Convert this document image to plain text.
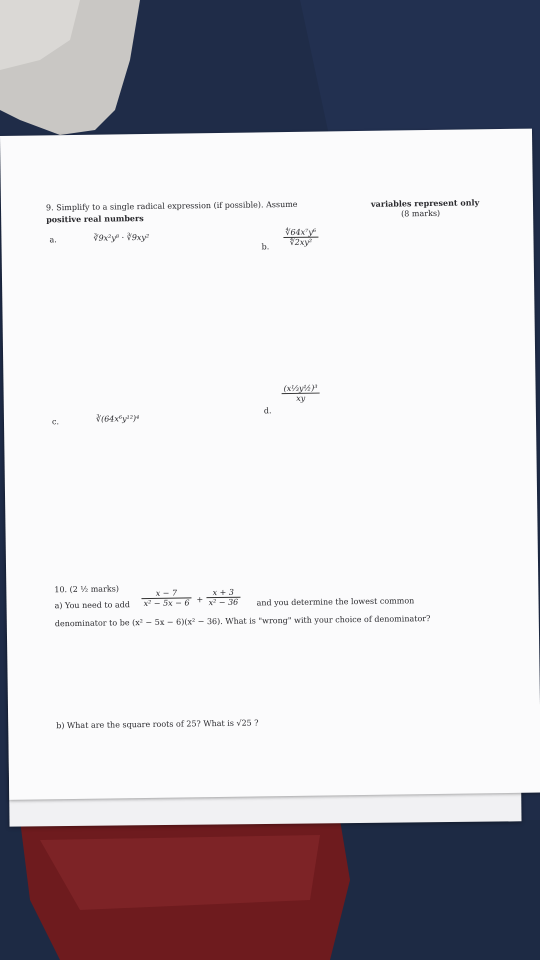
9. Simplify to a single radical expression (if possible). Assume	variables represent only
positive real numbers	(8 marks)
a.	∛9x²y⁸ · ∛9xy²
b. $\frac{\text{∜64x⁷y⁶}}{\text{∜2xy²}}$
c.	∛(64x⁶y¹²)⁴
d.
$\frac{\text{(x⅓y½)³}}{xy}$
10. (2 ½ marks)
a) You need to add $\frac{x - 7}{\text{x² − 5x − 6}} + \frac{x + 3}{\text{x² − 36}}$ and you determine the lowest common
denominator to be (x² − 5x − 6)(x² − 36). What is "wrong" with your choice of denominator?
b) What are the square roots of 25? What is √25 ?
